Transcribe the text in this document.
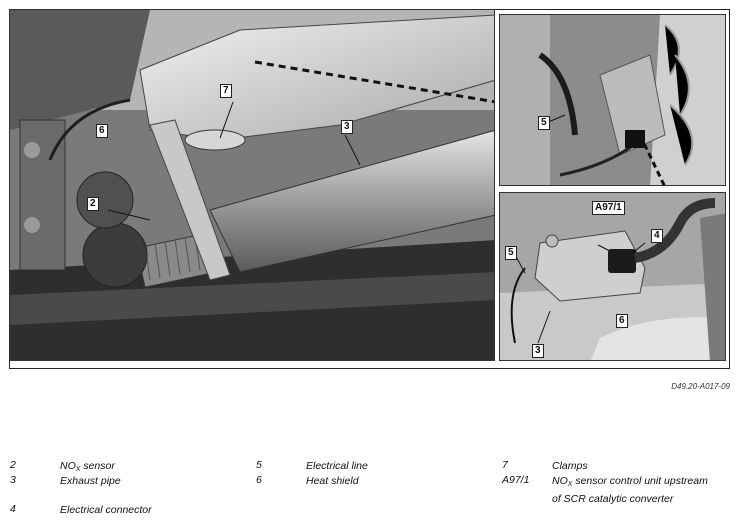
7
3
6
2
5
A97/1
4
5
6
3
D49.20-A017-09
2	$NO_X$ sensor
3	Exhaust pipe
4	Electrical connector
5	Electrical line
6	Heat shield
7	Clamps
A97/1 $NO_X$ sensor control unit upstream
of SCR catalytic converter
